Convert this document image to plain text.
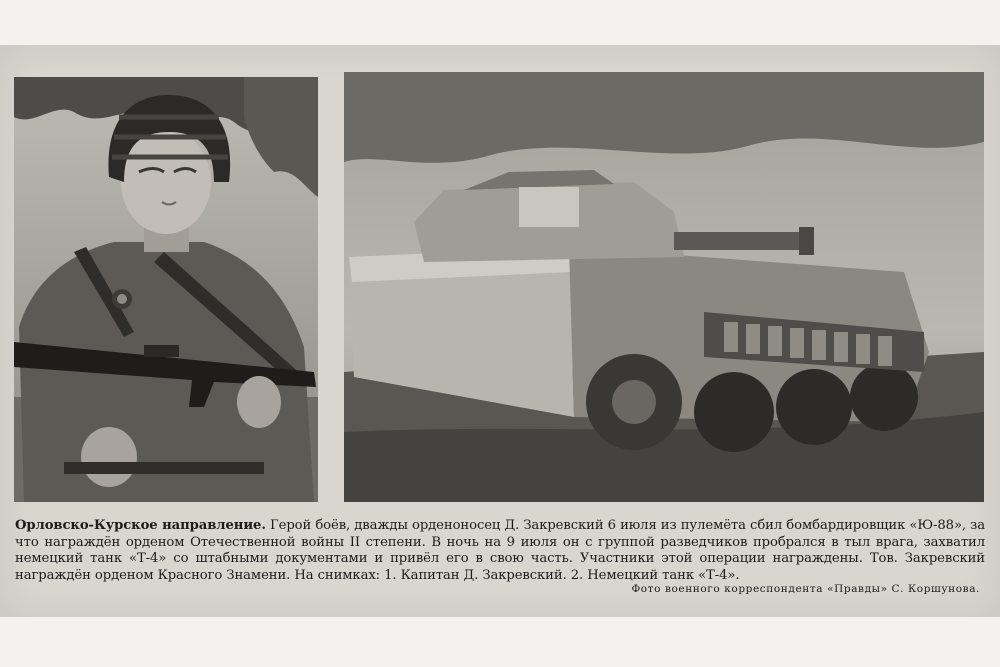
Орловско-Курское направление. Герой боёв, дважды орденоносец Д. Закревский 6 июля из пулемёта сбил бомбардировщик «Ю-88», за что награждён орденом Отечественной войны II степени. В ночь на 9 июля он с группой разведчиков пробрался в тыл врага, захватил немецкий танк «Т-4» со штабными документами и привёл его в свою часть. Участники этой операции награждены. Тов. Закревский награждён орденом Красного Знамени. На снимках: 1. Капитан Д. Закревский. 2. Немецкий танк «Т-4».
Фото военного корреспондента «Правды» С. Коршунова.
